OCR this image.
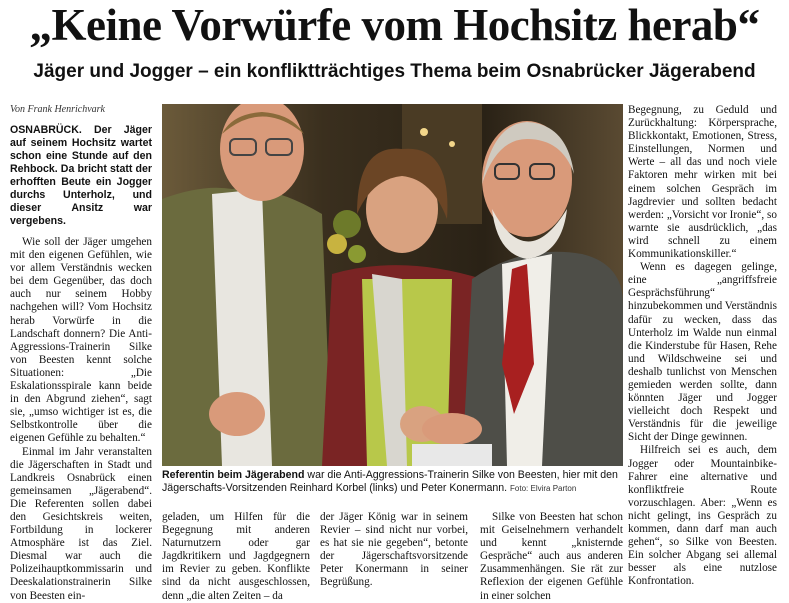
„Keine Vorwürfe vom Hochsitz herab“
Jäger und Jogger – ein konfliktträchtiges Thema beim Osnabrücker Jägerabend
Von Frank Henrichvark
OSNABRÜCK. Der Jäger auf seinem Hochsitz wartet schon eine Stunde auf den Rehbock. Da bricht statt der erhofften Beute ein Jogger durchs Unterholz, und dieser Ansitz war vergebens.

Wie soll der Jäger umgehen mit den eigenen Gefühlen, wie vor allem Verständnis wecken bei dem Gegenüber, das doch auch nur seinem Hobby nachgehen will? Vom Hochsitz herab Vorwürfe in die Landschaft donnern? Die Anti-Aggressions-Trainerin Silke von Beesten kennt solche Situationen: „Die Eskalationsspirale kann beide in den Abgrund ziehen“, sagt sie, „umso wichtiger ist es, die Selbstkontrolle über die eigenen Gefühle zu behalten.“

Einmal im Jahr veranstalten die Jägerschaften in Stadt und Landkreis Osnabrück einen gemeinsamen „Jägerabend“. Die Referenten sollen dabei den Gesichtskreis weiten, Fortbildung in lockerer Atmosphäre ist das Ziel. Diesmal war auch die Polizeihauptkommissarin und Deeskalationstrainerin Silke von Beesten ein-

Referentin beim Jägerabend war die Anti-Aggressions-Trainerin Silke von Beesten, hier mit den Jägerschafts-Vorsitzenden Reinhard Korbel (links) und Peter Konermann. Foto: Elvira Parton

geladen, um Hilfen für die Begegnung mit anderen Naturnutzern oder gar Jagdkritikern und Jagdgegnern im Revier zu geben. Konflikte sind da nicht ausgeschlossen, denn „die alten Zeiten – da

der Jäger König war in seinem Revier – sind nicht nur vorbei, es hat sie nie gegeben“, betonte der Jägerschaftsvorsitzende Peter Konermann in seiner Begrüßung.

Silke von Beesten hat schon mit Geiselnehmern verhandelt und kennt „knisternde Gespräche“ auch aus anderen Zusammenhängen. Sie rät zur Reflexion der eigenen Gefühle in einer solchen

Begegnung, zu Geduld und Zurückhaltung: Körpersprache, Blickkontakt, Emotionen, Stress, Einstellungen, Normen und Werte – all das und noch viele Faktoren mehr wirken mit bei einem solchen Gespräch im Jagdrevier und sollten bedacht werden: „Vorsicht vor Ironie“, so warnte sie ausdrücklich, „das wird schnell zu einem Kommunikationskiller.“

Wenn es dagegen gelinge, eine „angriffsfreie Gesprächsführung“ hinzubekommen und Verständnis dafür zu wecken, dass das Unterholz im Walde nun einmal die Kinderstube für Hasen, Rehe und Wildschweine sei und deshalb tunlichst von Menschen gemieden werden sollte, dann könnten Jäger und Jogger vielleicht doch Respekt und Verständnis für die jeweilige Sicht der Dinge gewinnen.

Hilfreich sei es auch, dem Jogger oder Mountainbike-Fahrer eine alternative und konfliktfreie Route vorzuschlagen. Aber: „Wenn es nicht gelingt, ins Gespräch zu kommen, dann darf man auch gehen“, so Silke von Beesten. Ein solcher Abgang sei allemal besser als eine nutzlose Konfrontation.
